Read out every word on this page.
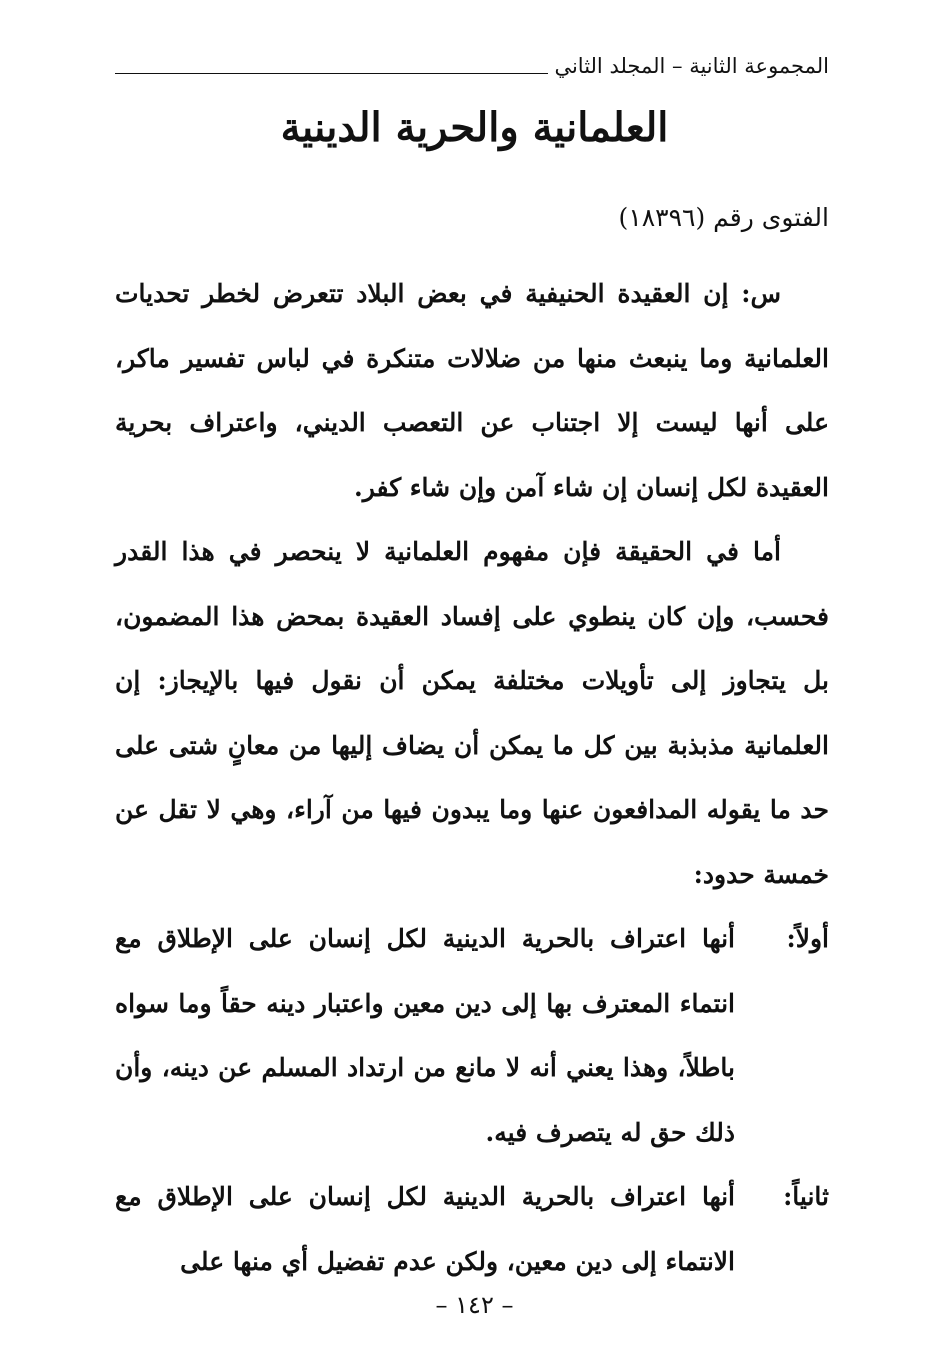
المجموعة الثانية – المجلد الثاني
العلمانية والحرية الدينية
الفتوى رقم (١٨٣٩٦)

س: إن العقيدة الحنيفية في بعض البلاد تتعرض لخطر تحديات العلمانية وما ينبعث منها من ضلالات متنكرة في لباس تفسير ماكر، على أنها ليست إلا اجتناب عن التعصب الديني، واعتراف بحرية العقيدة لكل إنسان إن شاء آمن وإن شاء كفر.

أما في الحقيقة فإن مفهوم العلمانية لا ينحصر في هذا القدر فحسب، وإن كان ينطوي على إفساد العقيدة بمحض هذا المضمون، بل يتجاوز إلى تأويلات مختلفة يمكن أن نقول فيها بالإيجاز: إن العلمانية مذبذبة بين كل ما يمكن أن يضاف إليها من معانٍ شتى على حد ما يقوله المدافعون عنها وما يبدون فيها من آراء، وهي لا تقل عن خمسة حدود:

أولاً:
أنها اعتراف بالحرية الدينية لكل إنسان على الإطلاق مع انتماء المعترف بها إلى دين معين واعتبار دينه حقاً وما سواه باطلاً، وهذا يعني أنه لا مانع من ارتداد المسلم عن دينه، وأن ذلك حق له يتصرف فيه.
ثانياً:
أنها اعتراف بالحرية الدينية لكل إنسان على الإطلاق مع الانتماء إلى دين معين، ولكن عدم تفضيل أي منها على
– ١٤٢ –
